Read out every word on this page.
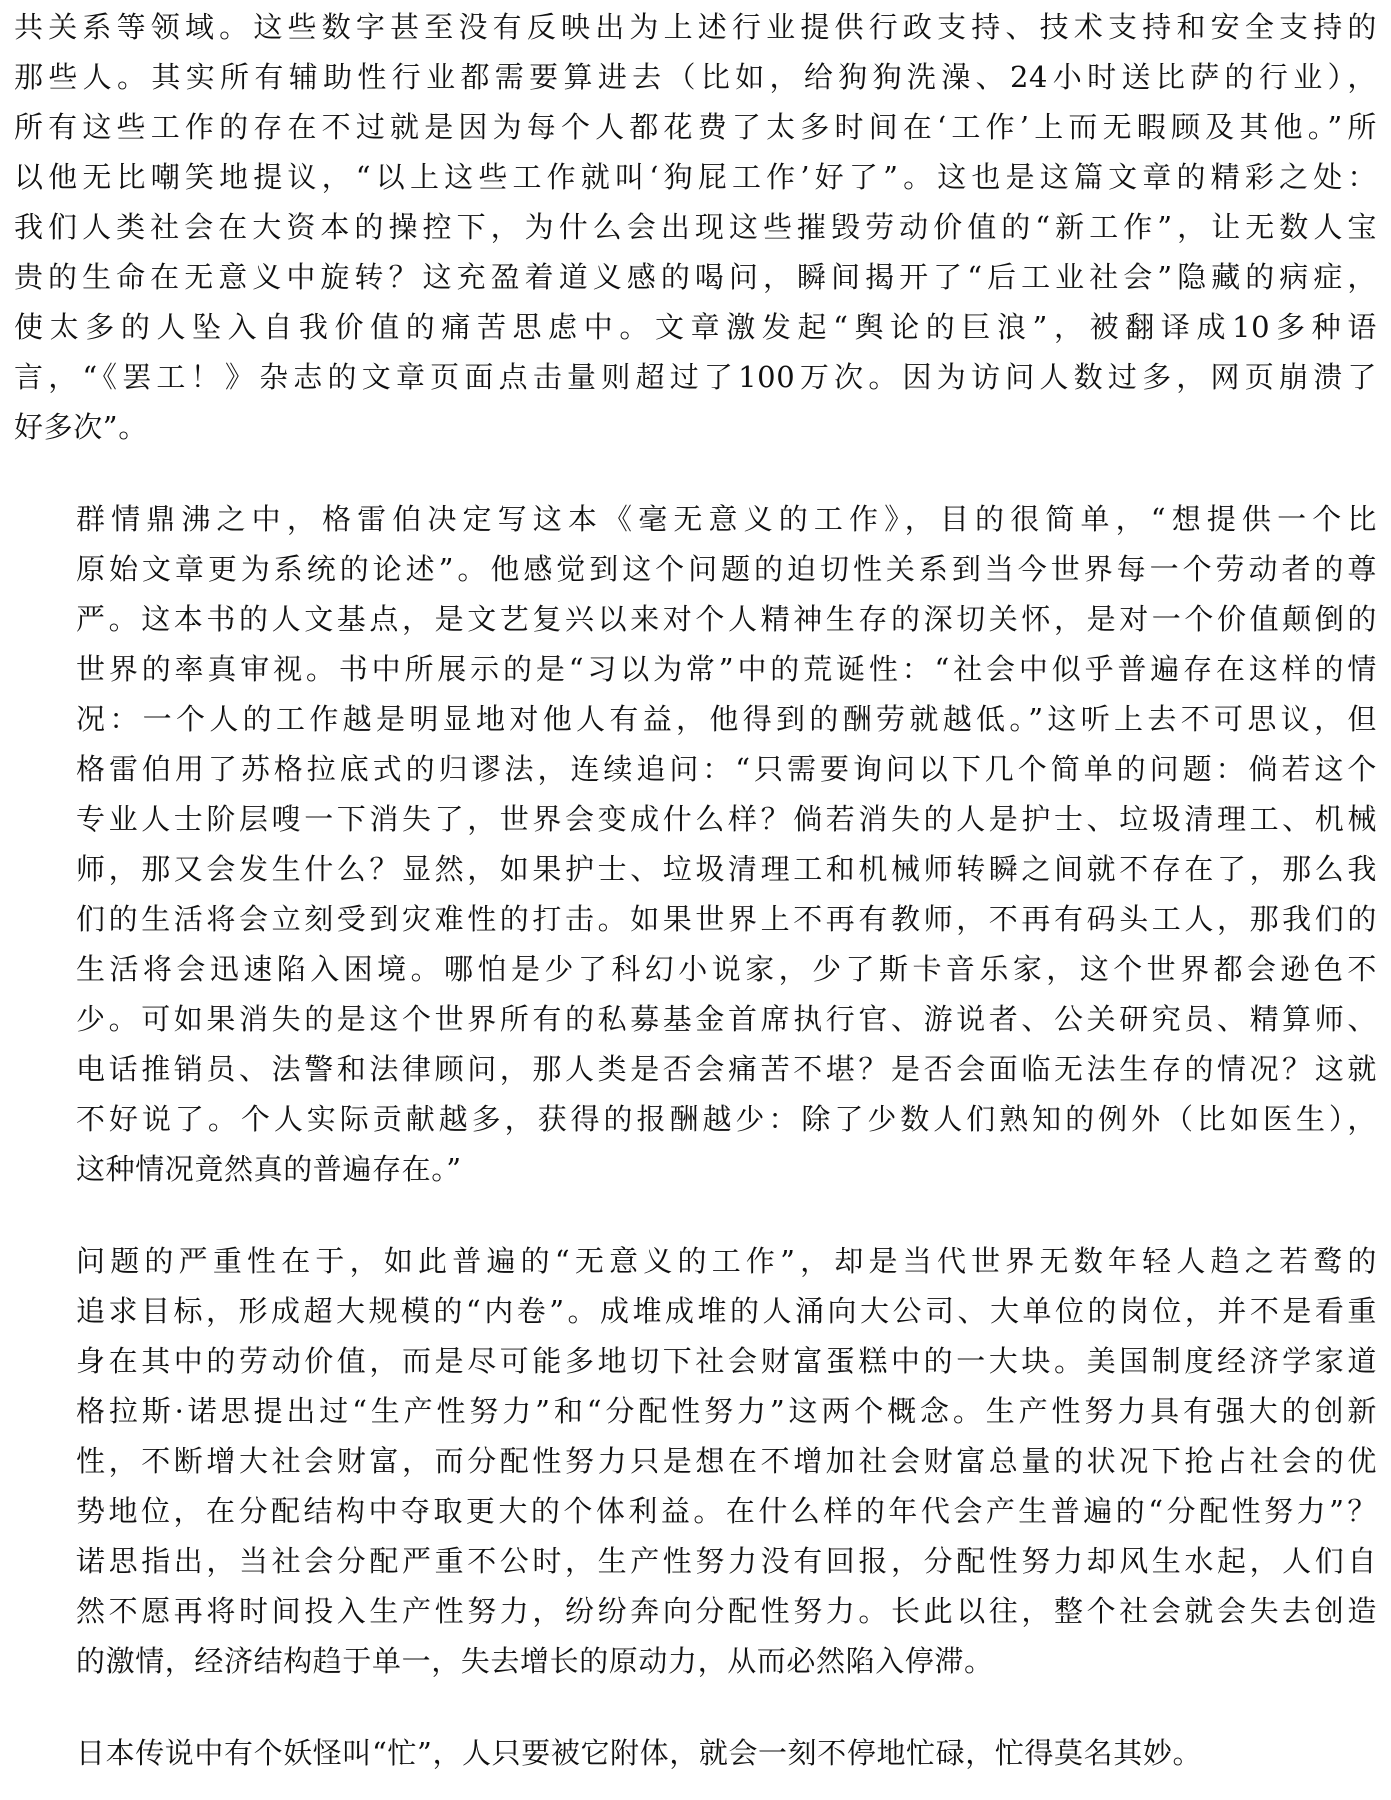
共关系等领域。这些数字甚至没有反映出为上述行业提供行政支持、技术支持和安全支持的
那些人。其实所有辅助性行业都需要算进去（比如，给狗狗洗澡、24小时送比萨的行业），
所有这些工作的存在不过就是因为每个人都花费了太多时间在‘工作’上而无暇顾及其他。”所
以他无比嘲笑地提议，“以上这些工作就叫‘狗屁工作’好了”。这也是这篇文章的精彩之处：
我们人类社会在大资本的操控下，为什么会出现这些摧毁劳动价值的“新工作”，让无数人宝
贵的生命在无意义中旋转？这充盈着道义感的喝问，瞬间揭开了“后工业社会”隐藏的病症，
使太多的人坠入自我价值的痛苦思虑中。文章激发起“舆论的巨浪”，被翻译成10多种语
言，“《罢工！》杂志的文章页面点击量则超过了100万次。因为访问人数过多，网页崩溃了
好多次”。

群情鼎沸之中，格雷伯决定写这本《毫无意义的工作》，目的很简单，“想提供一个比
原始文章更为系统的论述”。他感觉到这个问题的迫切性关系到当今世界每一个劳动者的尊
严。这本书的人文基点，是文艺复兴以来对个人精神生存的深切关怀，是对一个价值颠倒的
世界的率真审视。书中所展示的是“习以为常”中的荒诞性：“社会中似乎普遍存在这样的情
况：一个人的工作越是明显地对他人有益，他得到的酬劳就越低。”这听上去不可思议，但
格雷伯用了苏格拉底式的归谬法，连续追问：“只需要询问以下几个简单的问题：倘若这个
专业人士阶层嗖一下消失了，世界会变成什么样？倘若消失的人是护士、垃圾清理工、机械
师，那又会发生什么？显然，如果护士、垃圾清理工和机械师转瞬之间就不存在了，那么我
们的生活将会立刻受到灾难性的打击。如果世界上不再有教师，不再有码头工人，那我们的
生活将会迅速陷入困境。哪怕是少了科幻小说家，少了斯卡音乐家，这个世界都会逊色不
少。可如果消失的是这个世界所有的私募基金首席执行官、游说者、公关研究员、精算师、
电话推销员、法警和法律顾问，那人类是否会痛苦不堪？是否会面临无法生存的情况？这就
不好说了。个人实际贡献越多，获得的报酬越少：除了少数人们熟知的例外（比如医生），
这种情况竟然真的普遍存在。”

问题的严重性在于，如此普遍的“无意义的工作”，却是当代世界无数年轻人趋之若鹜的
追求目标，形成超大规模的“内卷”。成堆成堆的人涌向大公司、大单位的岗位，并不是看重
身在其中的劳动价值，而是尽可能多地切下社会财富蛋糕中的一大块。美国制度经济学家道
格拉斯·诺思提出过“生产性努力”和“分配性努力”这两个概念。生产性努力具有强大的创新
性，不断增大社会财富，而分配性努力只是想在不增加社会财富总量的状况下抢占社会的优
势地位，在分配结构中夺取更大的个体利益。在什么样的年代会产生普遍的“分配性努力”？
诺思指出，当社会分配严重不公时，生产性努力没有回报，分配性努力却风生水起，人们自
然不愿再将时间投入生产性努力，纷纷奔向分配性努力。长此以往，整个社会就会失去创造
的激情，经济结构趋于单一，失去增长的原动力，从而必然陷入停滞。

日本传说中有个妖怪叫“忙”，人只要被它附体，就会一刻不停地忙碌，忙得莫名其妙。
